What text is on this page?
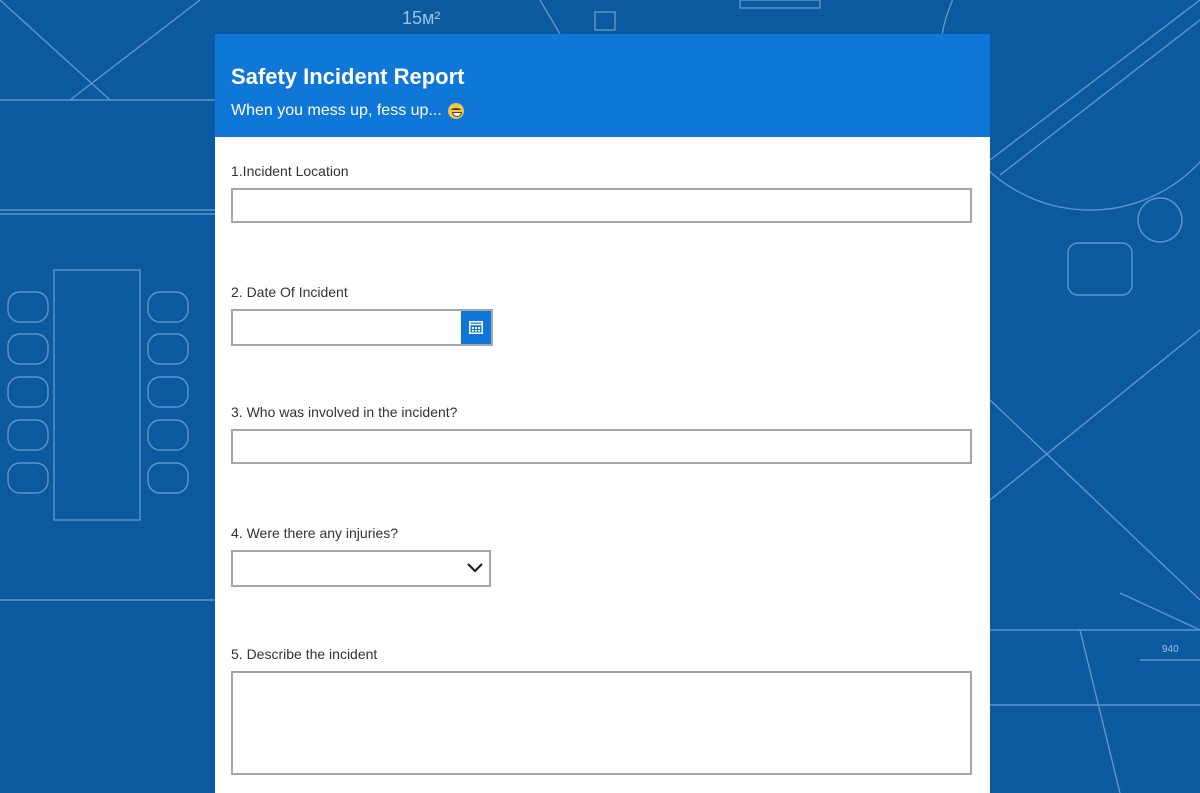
15м²
940
Safety Incident Report
When you mess up, fess up...
1.Incident Location
2. Date Of Incident
3. Who was involved in the incident?
4. Were there any injuries?
5. Describe the incident
